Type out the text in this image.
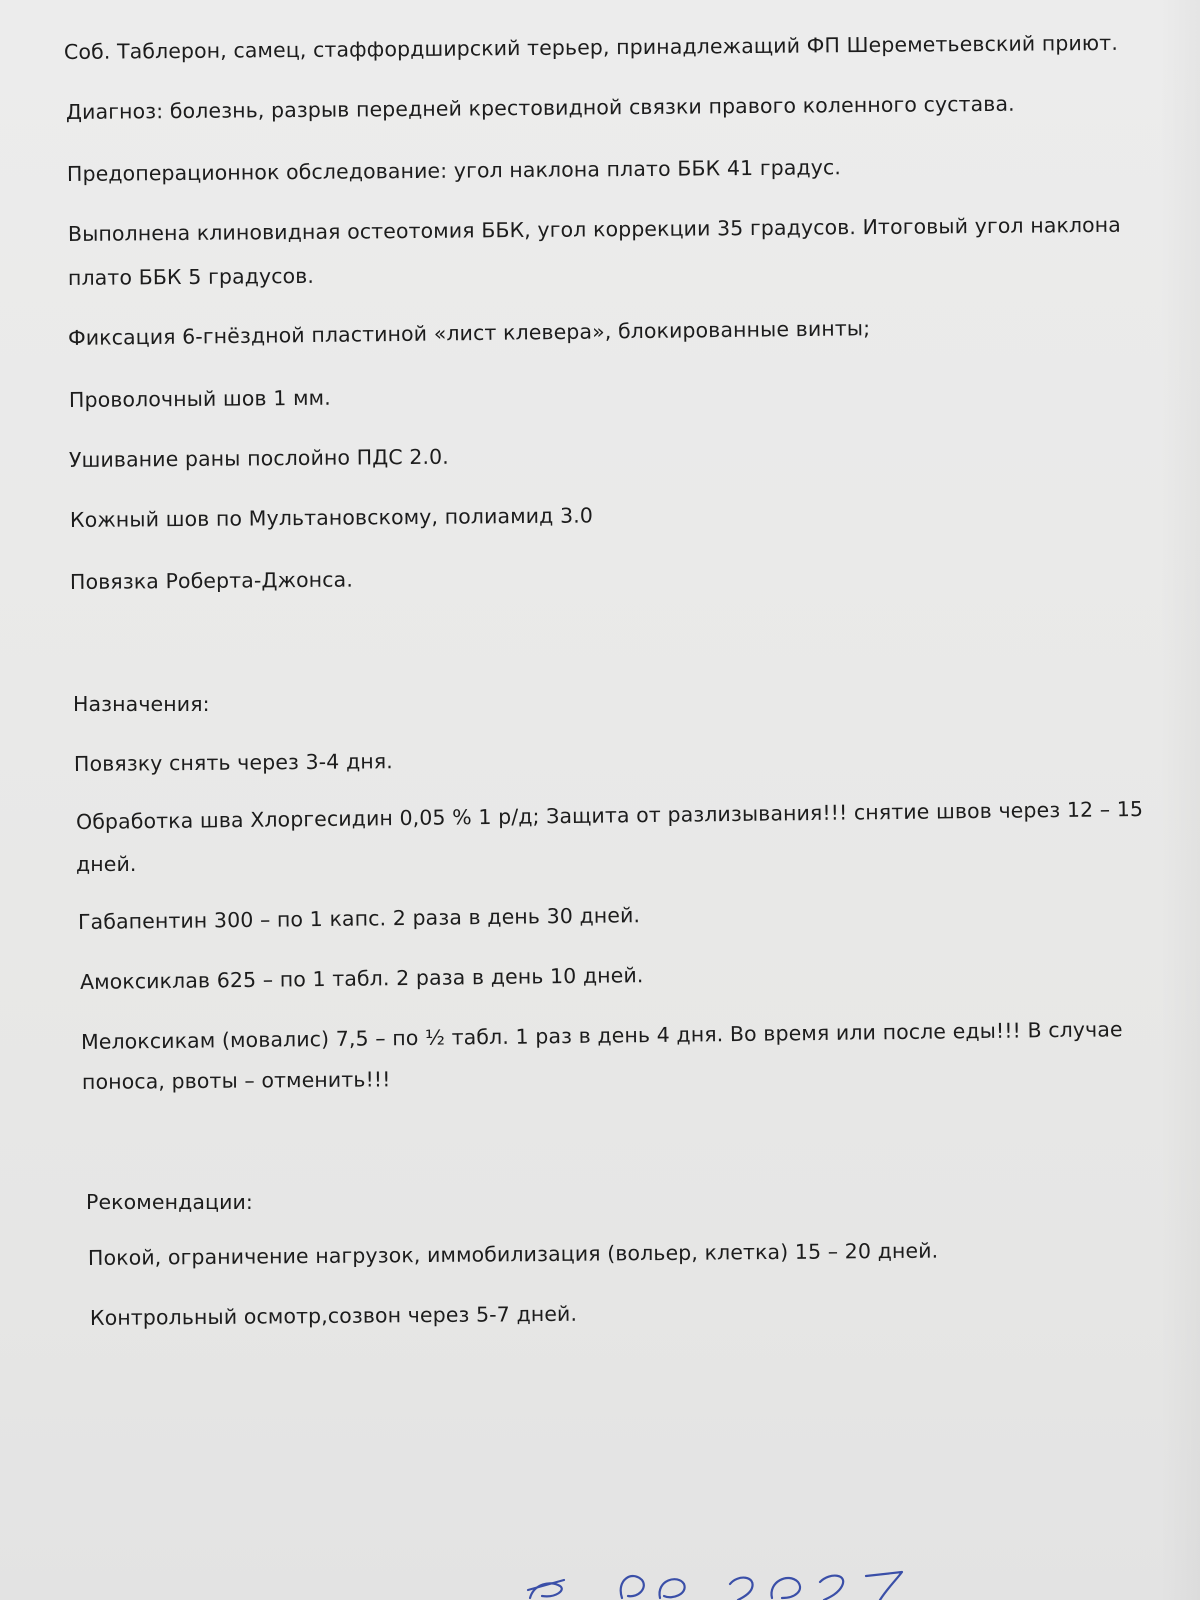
Соб. Таблерон, самец, стаффордширский терьер, принадлежащий ФП Шереметьевский приют.
Диагноз: болезнь, разрыв передней крестовидной связки правого коленного сустава.
Предоперационнок обследование: угол наклона плато ББК 41 градус.
Выполнена клиновидная остеотомия ББК, угол коррекции 35 градусов. Итоговый угол наклона
плато ББК 5 градусов.
Фиксация 6-гнёздной пластиной «лист клевера», блокированные винты;
Проволочный шов 1 мм.
Ушивание раны послойно ПДС 2.0.
Кожный шов по Мультановскому, полиамид 3.0
Повязка Роберта-Джонса.
Назначения:
Повязку снять через 3-4 дня.
Обработка шва Хлоргесидин 0,05 % 1 р/д; Защита от разлизывания!!! снятие швов через 12 – 15
дней.
Габапентин 300 – по 1 капс. 2 раза в день 30 дней.
Амоксиклав 625 – по 1 табл. 2 раза в день 10 дней.
Мелоксикам (мовалис) 7,5 – по ½ табл. 1 раз в день 4 дня. Во время или после еды!!! В случае
поноса, рвоты – отменить!!!
Рекомендации:
Покой, ограничение нагрузок, иммобилизация (вольер, клетка) 15 – 20 дней.
Контрольный осмотр,созвон через 5-7 дней.
